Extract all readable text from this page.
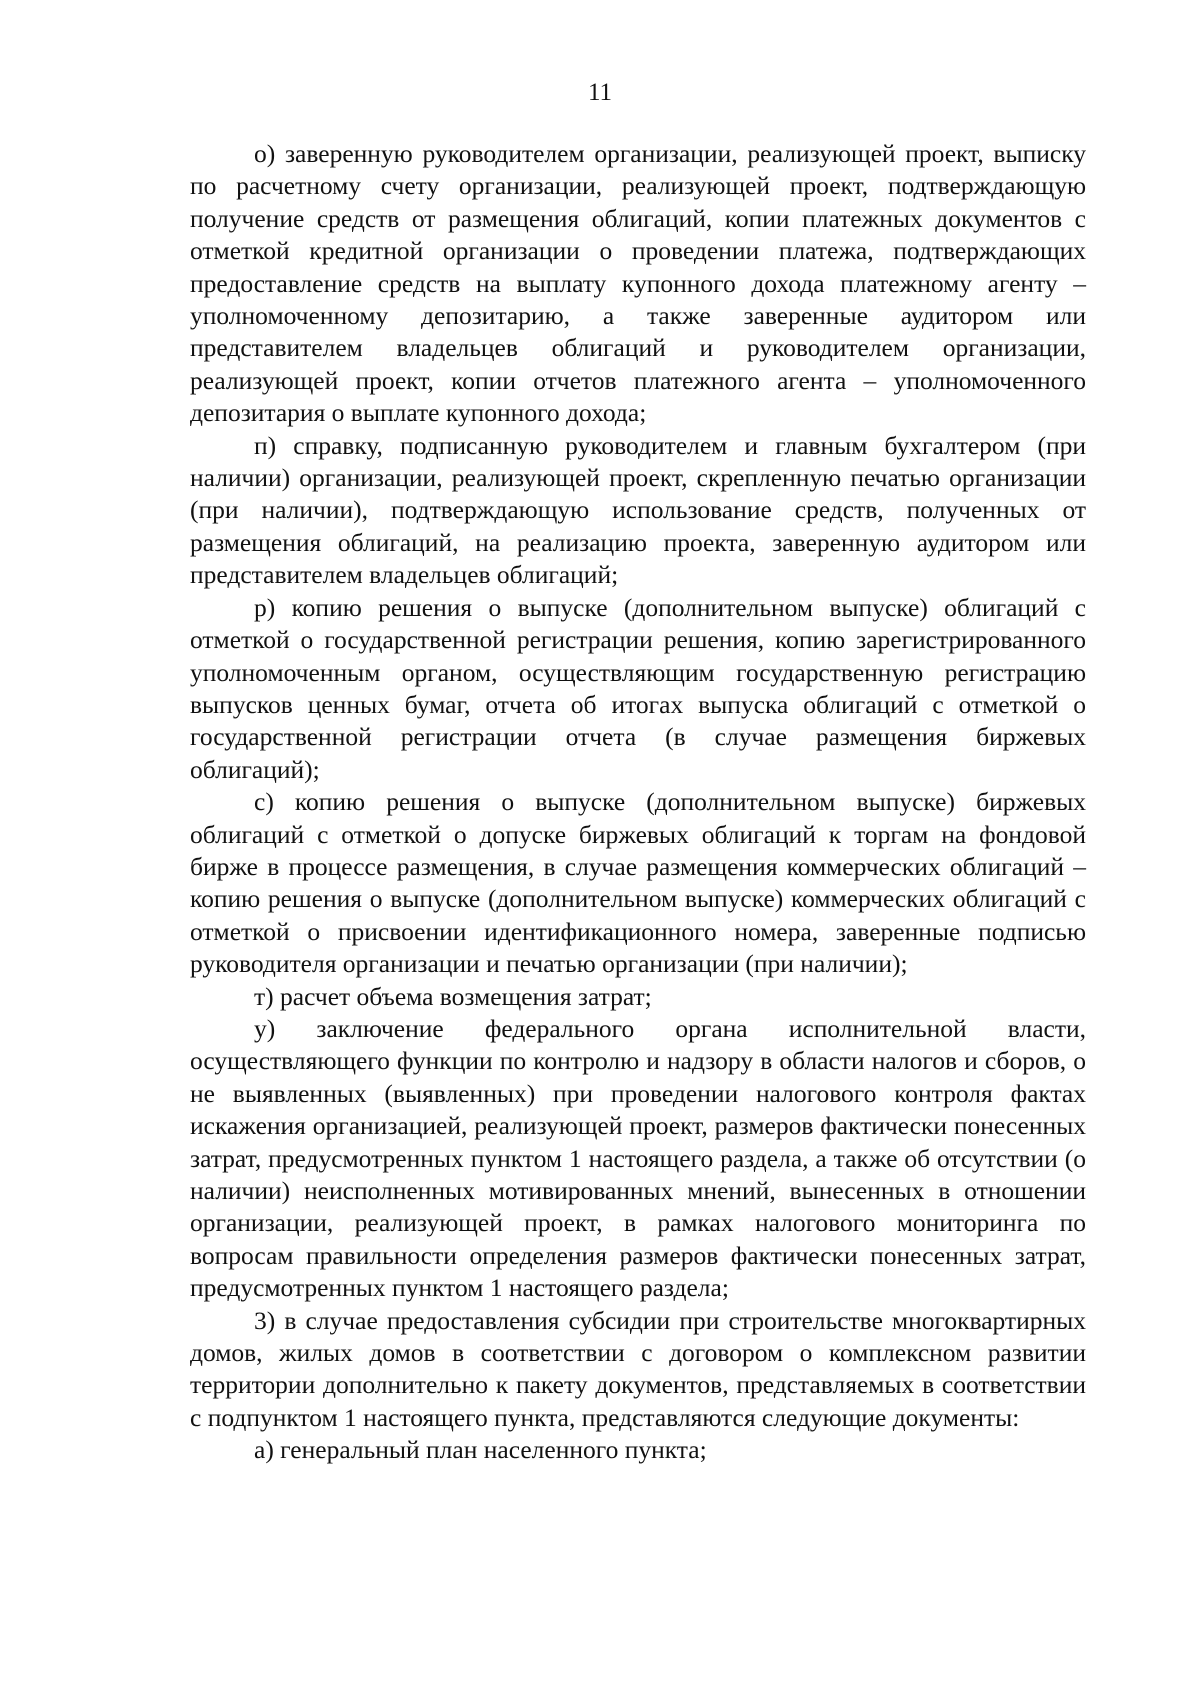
11

о) заверенную руководителем организации, реализующей проект, выписку по расчетному счету организации, реализующей проект, подтверждающую получение средств от размещения облигаций, копии платежных документов с отметкой кредитной организации о проведении платежа, подтверждающих предоставление средств на выплату купонного дохода платежному агенту – уполномоченному депозитарию, а также заверенные аудитором или представителем владельцев облигаций и руководителем организации, реализующей проект, копии отчетов платежного агента – уполномоченного депозитария о выплате купонного дохода;

п) справку, подписанную руководителем и главным бухгалтером (при наличии) организации, реализующей проект, скрепленную печатью организации (при наличии), подтверждающую использование средств, полученных от размещения облигаций, на реализацию проекта, заверенную аудитором или представителем владельцев облигаций;

р) копию решения о выпуске (дополнительном выпуске) облигаций с отметкой о государственной регистрации решения, копию зарегистрированного уполномоченным органом, осуществляющим государственную регистрацию выпусков ценных бумаг, отчета об итогах выпуска облигаций с отметкой о государственной регистрации отчета (в случае размещения биржевых облигаций);

с) копию решения о выпуске (дополнительном выпуске) биржевых облигаций с отметкой о допуске биржевых облигаций к торгам на фондовой бирже в процессе размещения, в случае размещения коммерческих облигаций – копию решения о выпуске (дополнительном выпуске) коммерческих облигаций с отметкой о присвоении идентификационного номера, заверенные подписью руководителя организации и печатью организации (при наличии);

т) расчет объема возмещения затрат;

у) заключение федерального органа исполнительной власти, осуществляющего функции по контролю и надзору в области налогов и сборов, о не выявленных (выявленных) при проведении налогового контроля фактах искажения организацией, реализующей проект, размеров фактически понесенных затрат, предусмотренных пунктом 1 настоящего раздела, а также об отсутствии (о наличии) неисполненных мотивированных мнений, вынесенных в отношении организации, реализующей проект, в рамках налогового мониторинга по вопросам правильности определения размеров фактически понесенных затрат, предусмотренных пунктом 1 настоящего раздела;

3) в случае предоставления субсидии при строительстве многоквартирных домов, жилых домов в соответствии с договором о комплексном развитии территории дополнительно к пакету документов, представляемых в соответствии с подпунктом 1 настоящего пункта, представляются следующие документы:

а) генеральный план населенного пункта;
